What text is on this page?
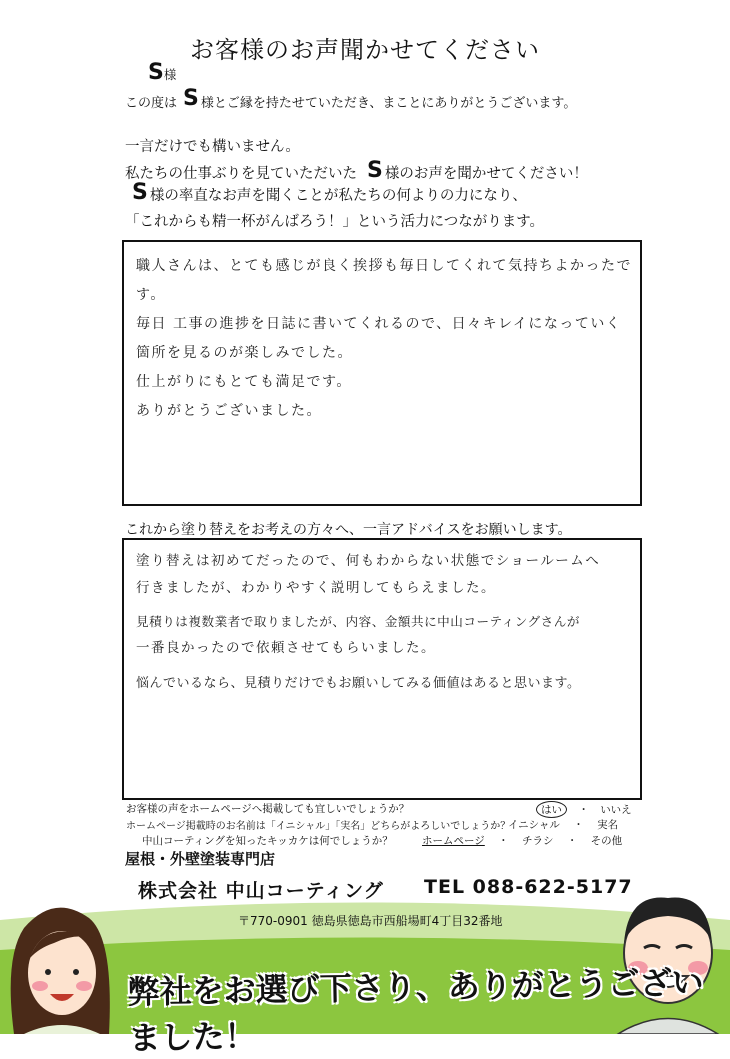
お客様のお声聞かせてください
S様
この度は S 様とご縁を持たせていただき、まことにありがとうございます。
一言だけでも構いません。
私たちの仕事ぶりを見ていただいた S 様のお声を聞かせてください！
S 様の率直なお声を聞くことが私たちの何よりの力になり、
「これからも精一杯がんばろう！」という活力につながります。
職人さんは、とても感じが良く挨拶も毎日してくれて気持ちよかったです。
毎日 工事の進捗を日誌に書いてくれるので、日々キレイになっていく
箇所を見るのが楽しみでした。
仕上がりにもとても満足です。
ありがとうございました。
これから塗り替えをお考えの方々へ、一言アドバイスをお願いします。
塗り替えは初めてだったので、何もわからない状態でショールームへ
行きましたが、わかりやすく説明してもらえました。
見積りは複数業者で取りましたが、内容、金額共に中山コーティングさんが
一番良かったので依頼させてもらいました。
悩んでいるなら、見積りだけでもお願いしてみる価値はあると思います。
お客様の声をホームページへ掲載しても宜しいでしょうか？	はい ・ いいえ
ホームページ掲載時のお名前は「イニシャル」「実名」どちらがよろしいでしょうか？
イニシャル ・ 実名
中山コーティングを知ったキッカケは何でしょうか？	ホームページ ・ チラシ ・ その他
屋根・外壁塗装専門店
株式会社 中山コーティング TEL 088-622-5177
〒770-0901 徳島県徳島市西船場町4丁目32番地
弊社をお選び下さり、ありがとうございました！
